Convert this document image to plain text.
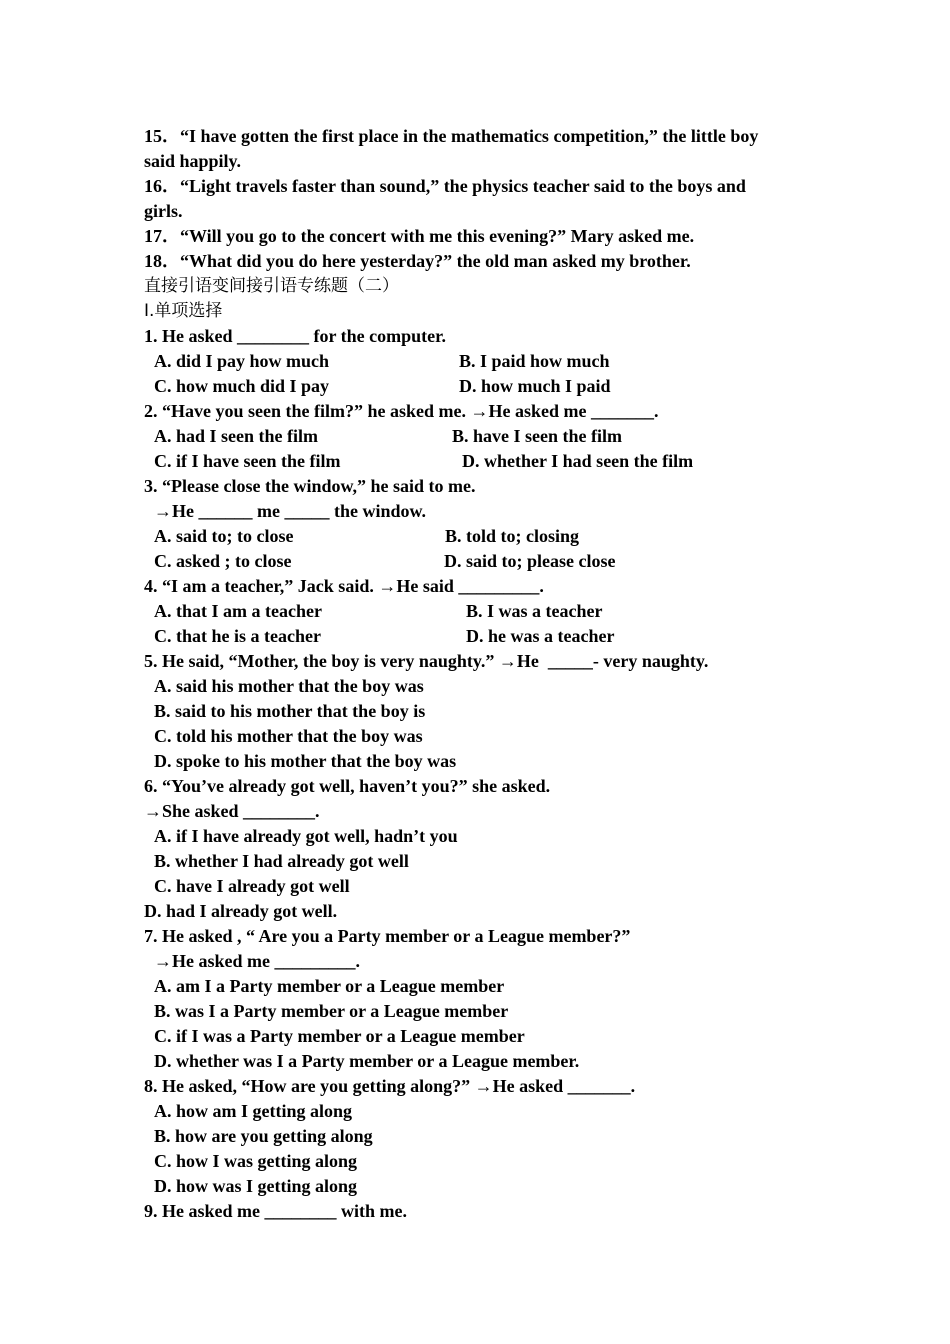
15．“I have gotten the first place in the mathematics competition,” the little boy
said happily.
16．“Light travels faster than sound,” the physics teacher said to the boys and
girls.
17．“Will you go to the concert with me this evening?” Mary asked me.
18．“What did you do here yesterday?” the old man asked my brother.
直接引语变间接引语专练题（二）
Ⅰ.单项选择
1. He asked ________ for the computer.
A. did I pay how much	B. I paid how much
C. how much did I pay	D. how much I paid
2. “Have you seen the film?” he asked me. →He asked me _______.
A. had I seen the film	B. have I seen the film
C. if I have seen the film	D. whether I had seen the film
3. “Please close the window,” he said to me.
→He ______ me _____ the window.
A. said to; to close	B. told to; closing
C. asked ; to close	D. said to; please close
4. “I am a teacher,” Jack said. →He said _________.
A. that I am a teacher	B. I was a teacher
C. that he is a teacher	D. he was a teacher
5. He said, “Mother, the boy is very naughty.” →He  _____- very naughty.
A. said his mother that the boy was
B. said to his mother that the boy is
C. told his mother that the boy was
D. spoke to his mother that the boy was
6. “You’ve already got well, haven’t you?” she asked.
→She asked ________.
A. if I have already got well, hadn’t you
B. whether I had already got well
C. have I already got well
D. had I already got well.
7. He asked , “ Are you a Party member or a League member?”
→He asked me _________.
A. am I a Party member or a League member
B. was I a Party member or a League member
C. if I was a Party member or a League member
D. whether was I a Party member or a League member.
8. He asked, “How are you getting along?” →He asked _______.
A. how am I getting along
B. how are you getting along
C. how I was getting along
D. how was I getting along
9. He asked me ________ with me.
